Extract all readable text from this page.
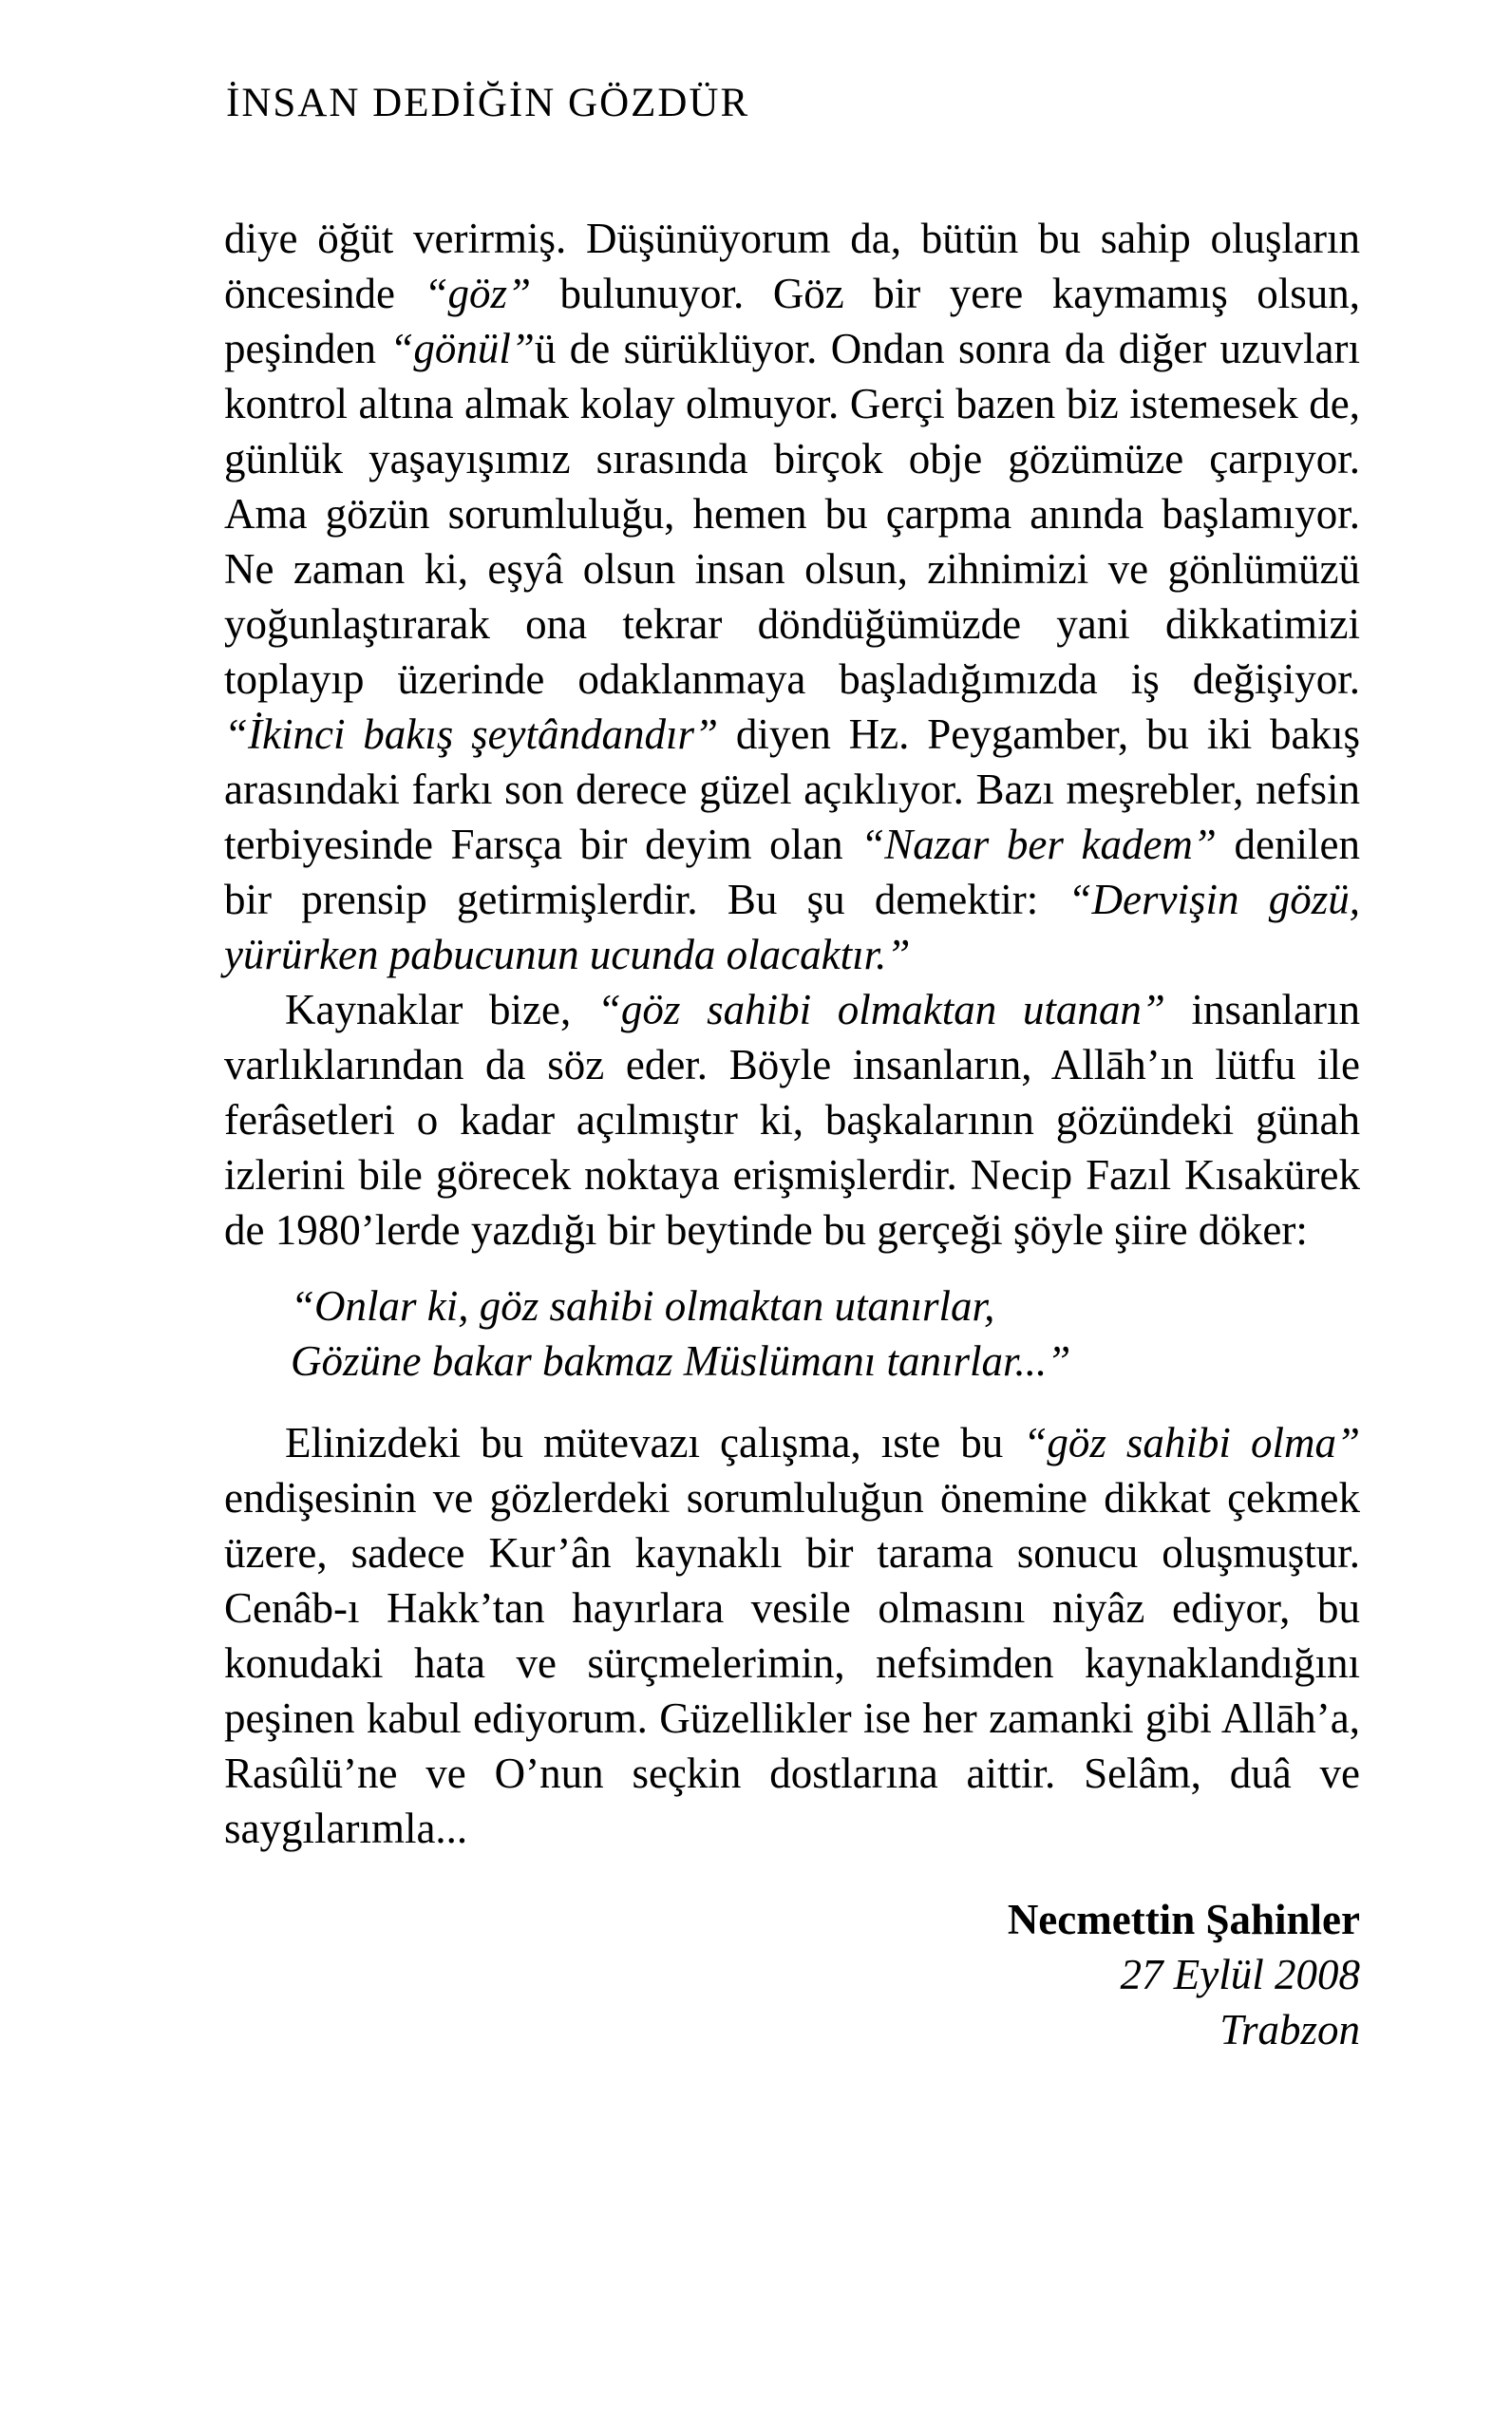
İNSAN DEDİĞİN GÖZDÜR

diye öğüt verirmiş. Düşünüyorum da, bütün bu sahip oluşların öncesinde “göz” bulunuyor. Göz bir yere kaymamış olsun, peşinden “gönül”ü de sürüklüyor. Ondan sonra da diğer uzuvları kontrol altına almak kolay olmuyor. Gerçi bazen biz istemesek de, günlük yaşayışımız sırasında birçok obje gözümüze çarpıyor. Ama gözün sorumluluğu, hemen bu çarpma anında başlamıyor. Ne zaman ki, eşyâ olsun insan olsun, zihnimizi ve gönlümüzü yoğunlaştırarak ona tekrar döndüğümüzde yani dikkatimizi toplayıp üzerinde odaklanmaya başladığımızda iş değişiyor. “İkinci bakış şeytândandır” diyen Hz. Peygamber, bu iki bakış arasındaki farkı son derece güzel açıklıyor. Bazı meşrebler, nefsin terbiyesinde Farsça bir deyim olan “Nazar ber kadem” denilen bir prensip getirmişlerdir. Bu şu demektir: “Dervişin gözü, yürürken pabucunun ucunda olacaktır.”

Kaynaklar bize, “göz sahibi olmaktan utanan” insanların varlıklarından da söz eder. Böyle insanların, Allāh’ın lütfu ile ferâsetleri o kadar açılmıştır ki, başkalarının gözündeki günah izlerini bile görecek noktaya erişmişlerdir. Necip Fazıl Kısakürek de 1980’lerde yazdığı bir beytinde bu gerçeği şöyle şiire döker:

“Onlar ki, göz sahibi olmaktan utanırlar,
Gözüne bakar bakmaz Müslümanı tanırlar...”

Elinizdeki bu mütevazı çalışma, ıste bu “göz sahibi olma” endişesinin ve gözlerdeki sorumluluğun önemine dikkat çekmek üzere, sadece Kur’ân kaynaklı bir tarama sonucu oluşmuştur. Cenâb-ı Hakk’tan hayırlara vesile olmasını niyâz ediyor, bu konudaki hata ve sürçmelerimin, nefsimden kaynaklandığını peşinen kabul ediyorum. Güzellikler ise her zamanki gibi Allāh’a, Rasûlü’ne ve O’nun seçkin dostlarına aittir. Selâm, duâ ve saygılarımla...

Necmettin Şahinler
27 Eylül 2008
Trabzon
